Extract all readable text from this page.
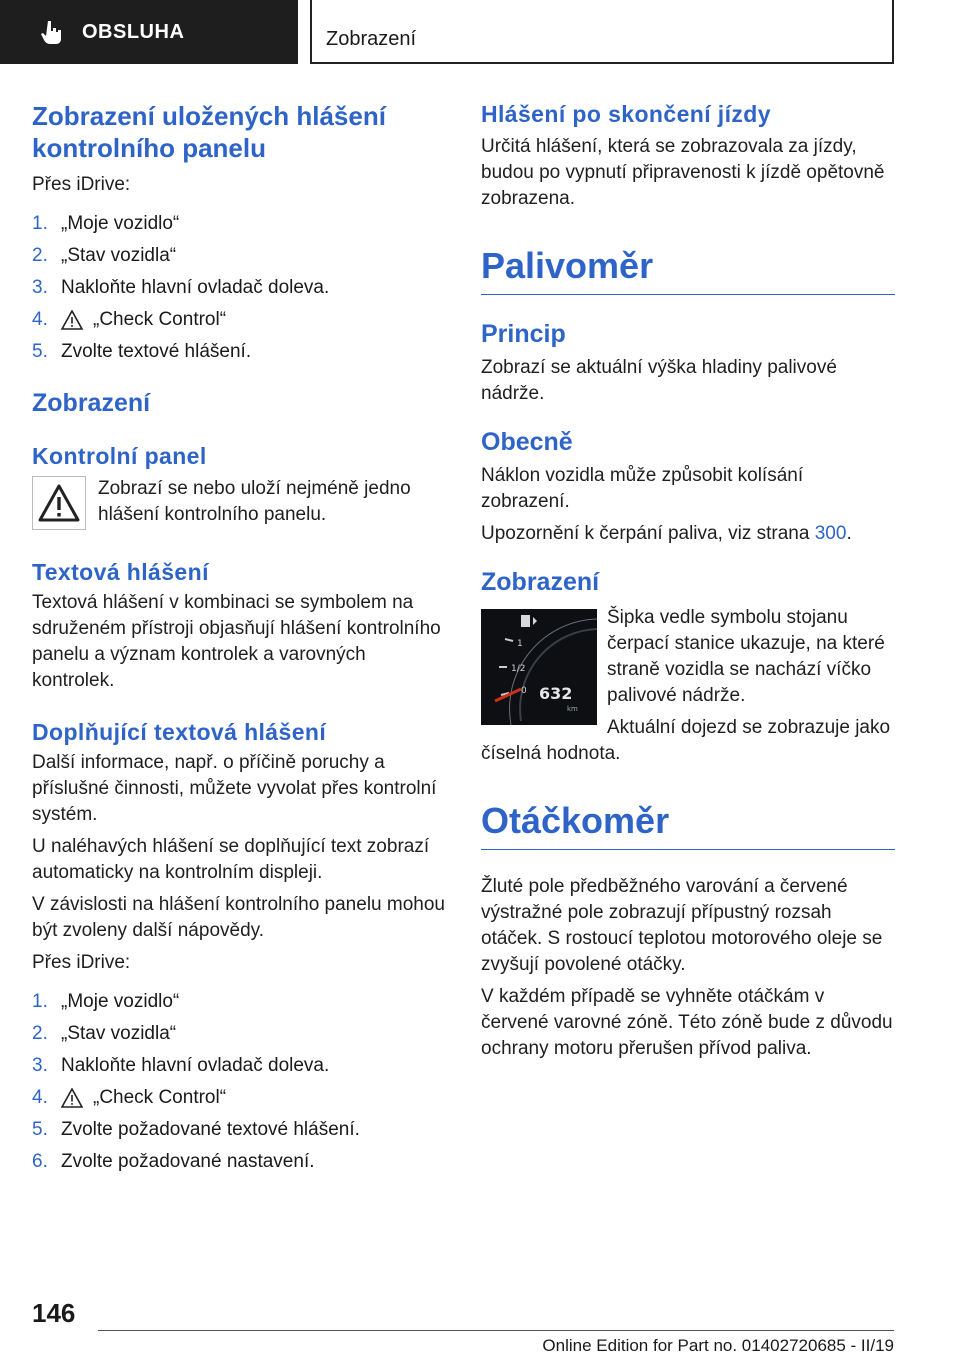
OBSLUHA	Zobrazení
Zobrazení uložených hlášení kontrolního panelu

Přes iDrive:

1. „Moje vozidlo“
2. „Stav vozidla“
3. Nakloňte hlavní ovladač doleva.
4.	„Check Control“
5. Zvolte textové hlášení.
Zobrazení
Kontrolní panel

Zobrazí se nebo uloží nejméně jedno hlášení kontrolního panelu.

Textová hlášení

Textová hlášení v kombinaci se symbolem na sdruženém přístroji objasňují hlášení kontrolního panelu a význam kontrolek a varovných kontrolek.

Doplňující textová hlášení

Další informace, např. o příčině poruchy a příslušné činnosti, můžete vyvolat přes kontrolní systém.

U naléhavých hlášení se doplňující text zobrazí automaticky na kontrolním displeji.

V závislosti na hlášení kontrolního panelu mohou být zvoleny další nápovědy.

Přes iDrive:

1. „Moje vozidlo“
2. „Stav vozidla“
3. Nakloňte hlavní ovladač doleva.
4.	„Check Control“
5. Zvolte požadované textové hlášení.
6. Zvolte požadované nastavení.
Hlášení po skončení jízdy

Určitá hlášení, která se zobrazovala za jízdy, budou po vypnutí připravenosti k jízdě opětovně zobrazena.

Palivoměr
Princip

Zobrazí se aktuální výška hladiny palivové nádrže.

Obecně

Náklon vozidla může způsobit kolísání zobrazení.

Upozornění k čerpání paliva, viz strana 300.

Zobrazení
1
1/2
0 632
km

Šipka vedle symbolu stojanu čerpací stanice ukazuje, na které straně vozidla se nachází víčko palivové nádrže.

Aktuální dojezd se zobrazuje jako číselná hodnota.

Otáčkoměr

Žluté pole předběžného varování a červené výstražné pole zobrazují přípustný rozsah otáček. S rostoucí teplotou motorového oleje se zvyšují povolené otáčky.

V každém případě se vyhněte otáčkám v červené varovné zóně. Této zóně bude z důvodu ochrany motoru přerušen přívod paliva.

146
Online Edition for Part no. 01402720685 - II/19
